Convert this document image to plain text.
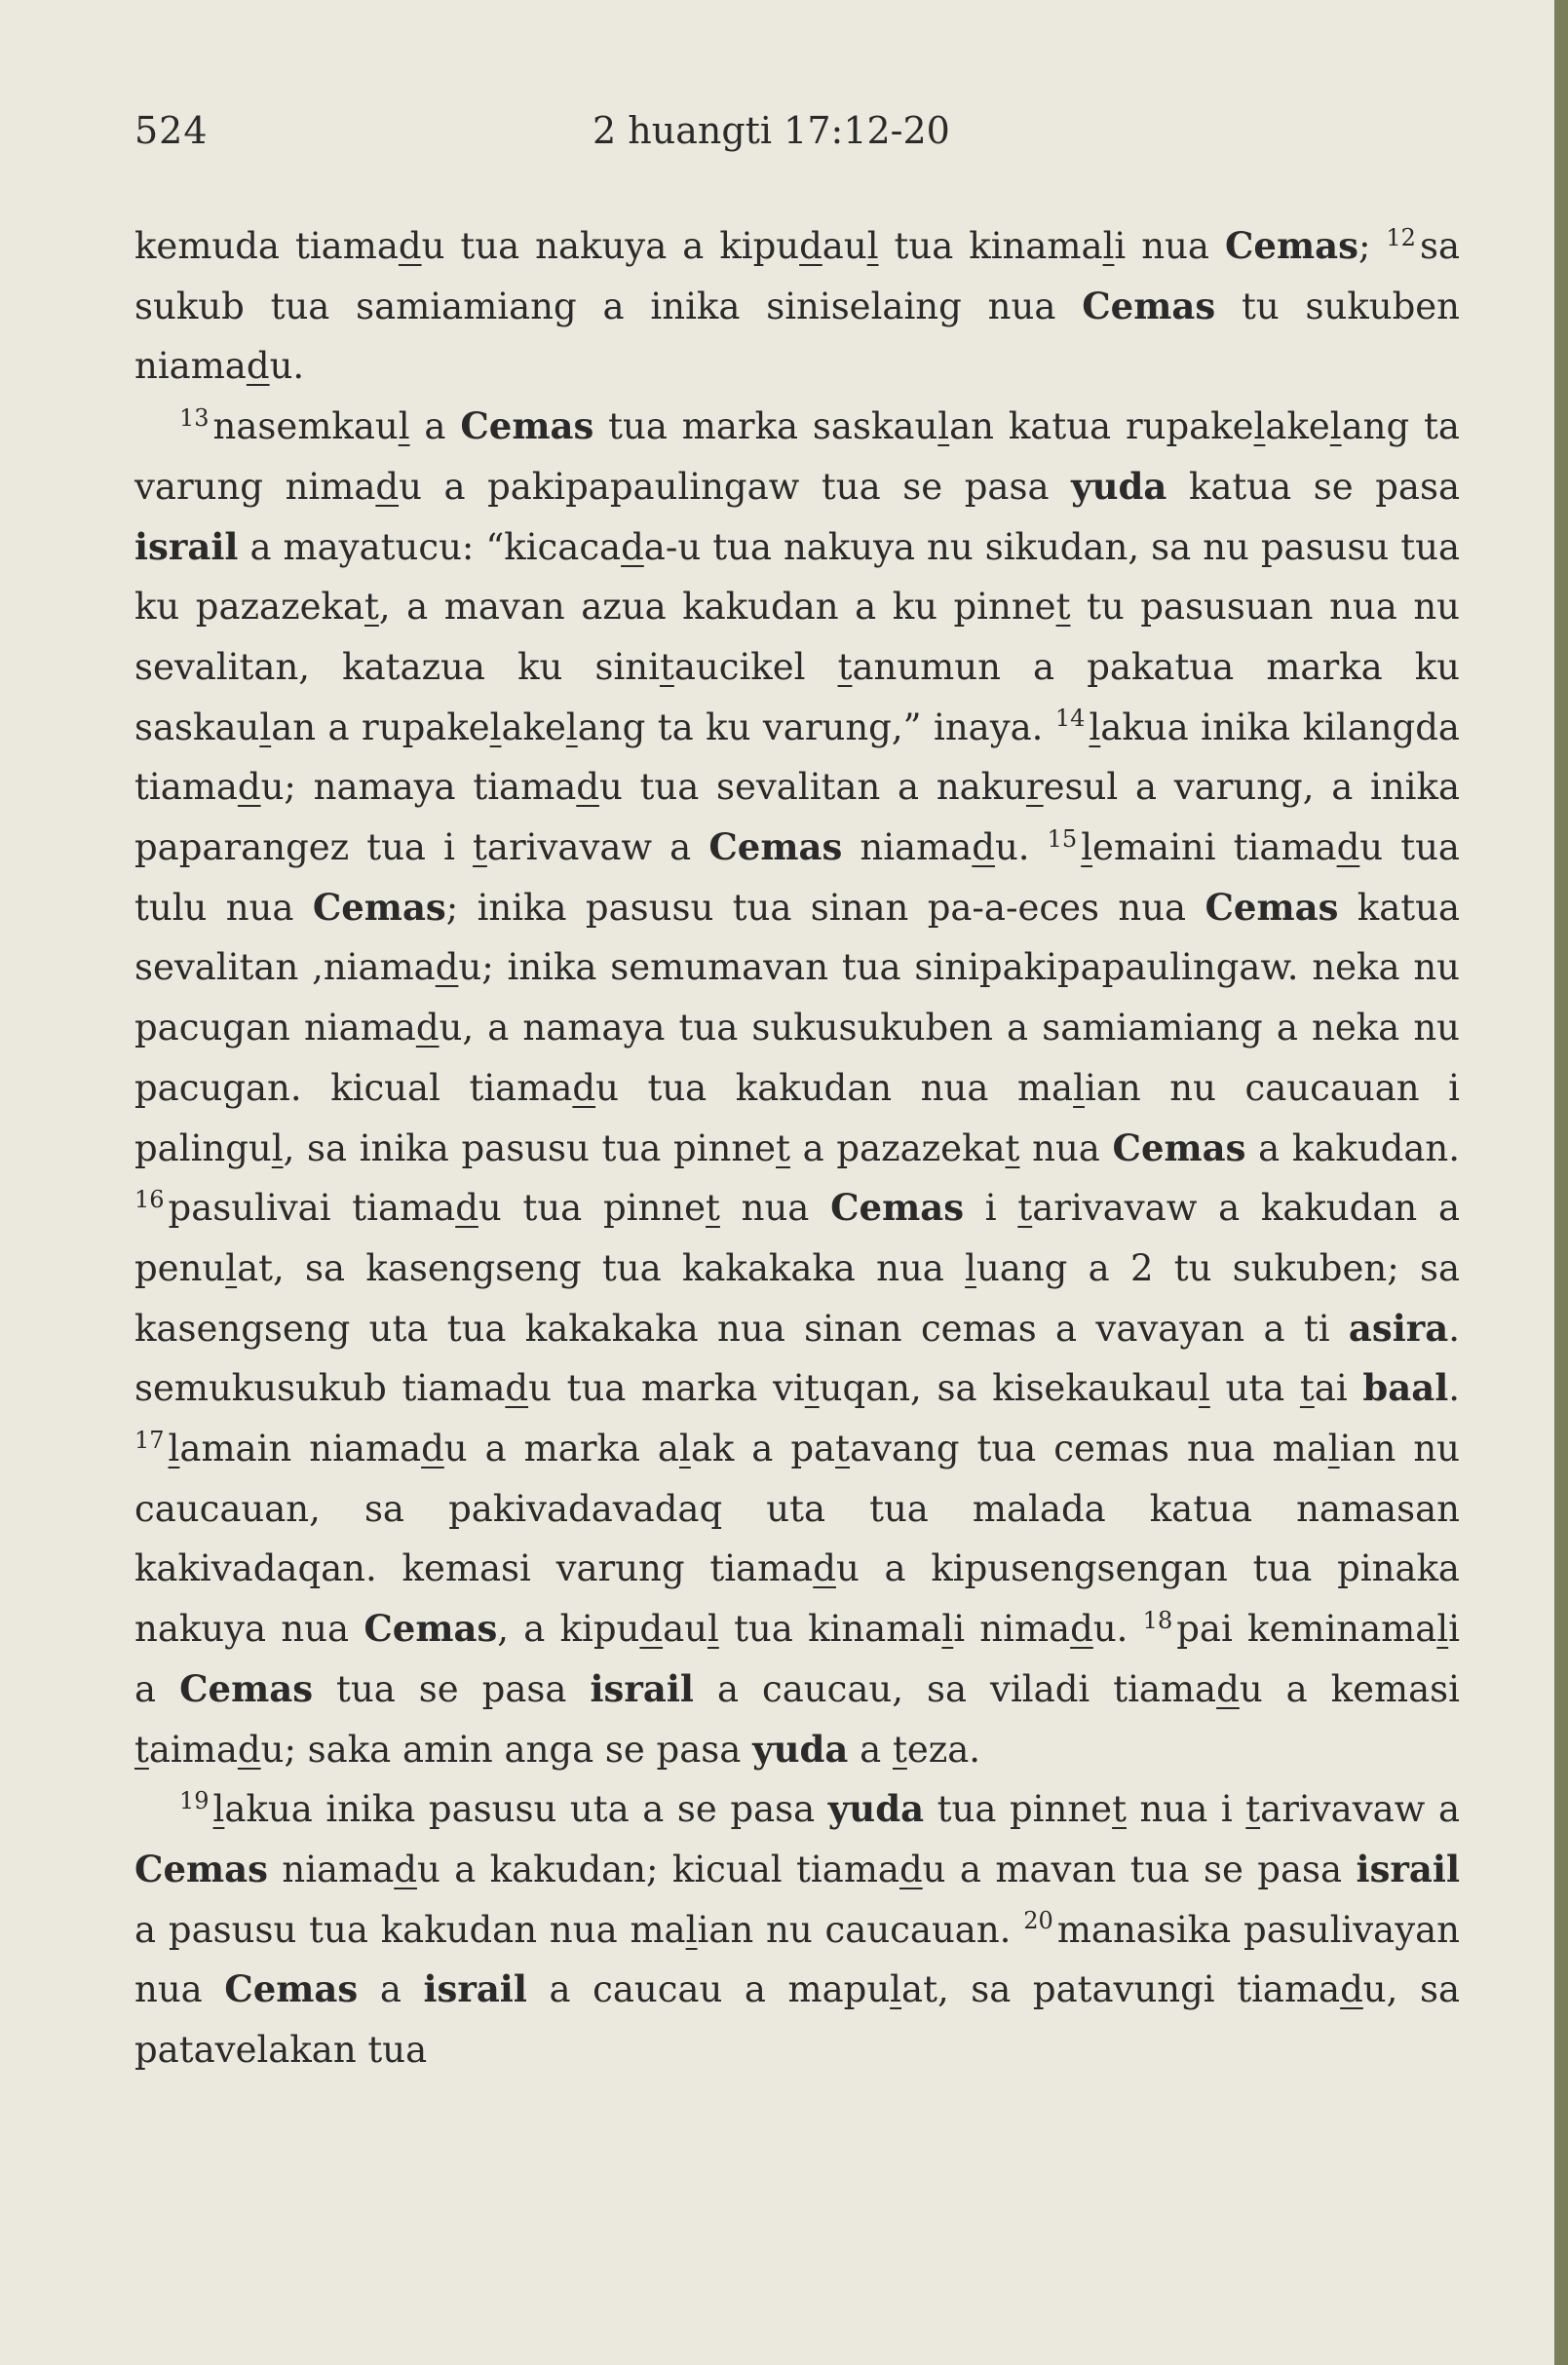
524	2 huangti 17:12-20

kemuda tiamadu tua nakuya a kipudaul tua kinamali nua Cemas; $^{12}$ sa sukub tua samiamiang a inika siniselaing nua Cemas tu sukuben niamadu.

$^{13}$ nasemkaul a Cemas tua marka saskaulan katua rupakelakelang ta varung nimadu a pakipapaulingaw tua se pasa yuda katua se pasa israil a mayatucu: “kicacada-u tua nakuya nu sikudan, sa nu pasusu tua ku pazazekat, a mavan azua kakudan a ku pinnet tu pasusuan nua nu sevalitan, katazua ku sinitaucikel tanumun a pakatua marka ku saskaulan a rupakelakelang ta ku varung,” inaya. $^{14}$ lakua inika kilangda tiamadu; namaya tiamadu tua sevalitan a nakuresul a varung, a inika paparangez tua i tarivavaw a Cemas niamadu. $^{15}$ lemaini tiamadu tua tulu nua Cemas; inika pasusu tua sinan pa-a-eces nua Cemas katua sevalitan ,niamadu; inika semumavan tua sinipakipapaulingaw. neka nu pacugan niamadu, a namaya tua sukusukuben a samiamiang a neka nu pacugan. kicual tiamadu tua kakudan nua malian nu caucauan i palingul, sa inika pasusu tua pinnet a pazazekat nua Cemas a kakudan. $^{16}$ pasulivai tiamadu tua pinnet nua Cemas i tarivavaw a kakudan a penulat, sa kasengseng tua kakakaka nua luang a 2 tu sukuben; sa kasengseng uta tua kakakaka nua sinan cemas a vavayan a ti asira. semukusukub tiamadu tua marka vituqan, sa kisekaukaul uta tai baal. $^{17}$ lamain niamadu a marka alak a patavang tua cemas nua malian nu caucauan, sa pakivadavadaq uta tua malada katua namasan kakivadaqan. kemasi varung tiamadu a kipusengsengan tua pinaka nakuya nua Cemas, a kipudaul tua kinamali nimadu. $^{18}$ pai keminamali a Cemas tua se pasa israil a caucau, sa viladi tiamadu a kemasi taimadu; saka amin anga se pasa yuda a teza.

$^{19}$ lakua inika pasusu uta a se pasa yuda tua pinnet nua i tarivavaw a Cemas niamadu a kakudan; kicual tiamadu a mavan tua se pasa israil a pasusu tua kakudan nua malian nu caucauan. $^{20}$ manasika pasulivayan nua Cemas a israil a caucau a mapulat, sa patavungi tiamadu, sa patavelakan tua
